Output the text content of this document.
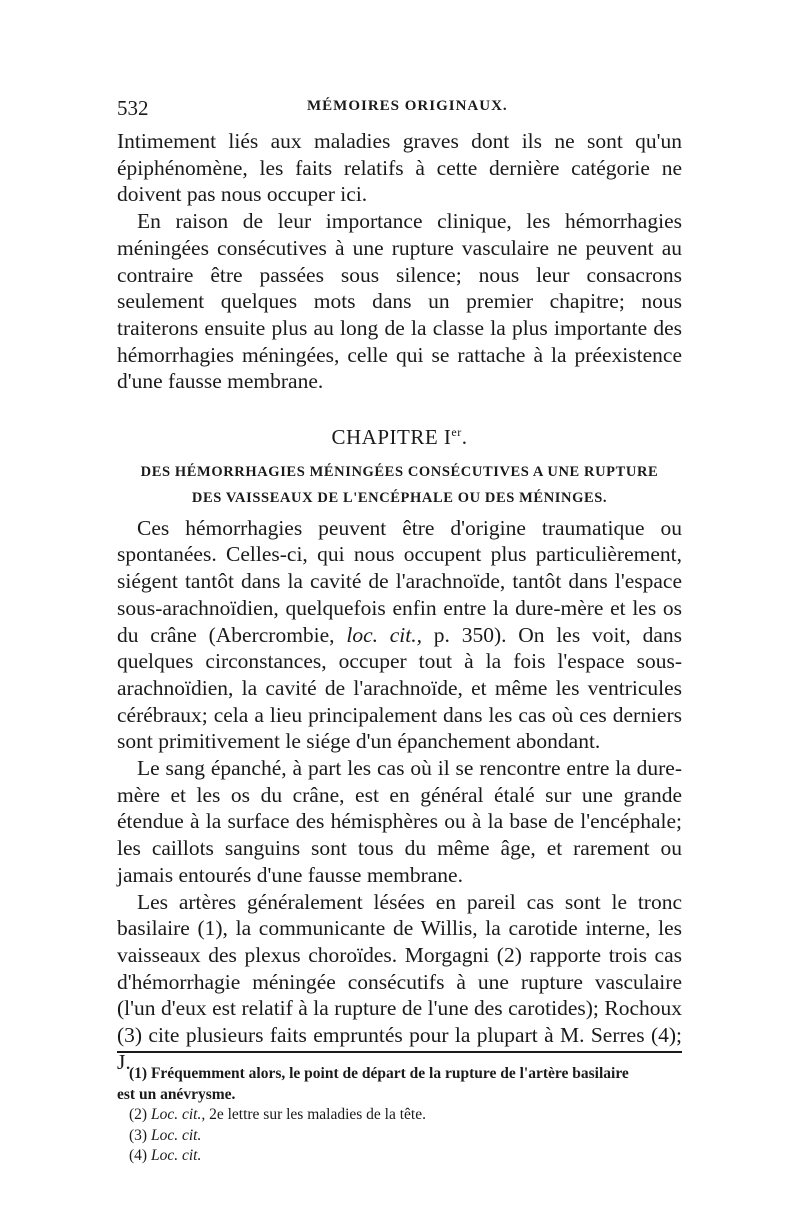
532	MÉMOIRES ORIGINAUX.

Intimement liés aux maladies graves dont ils ne sont qu'un épiphénomène, les faits relatifs à cette dernière catégorie ne doivent pas nous occuper ici.

En raison de leur importance clinique, les hémorrhagies méningées consécutives à une rupture vasculaire ne peuvent au contraire être passées sous silence; nous leur consacrons seulement quelques mots dans un premier chapitre; nous traiterons ensuite plus au long de la classe la plus importante des hémorrhagies méningées, celle qui se rattache à la préexistence d'une fausse membrane.

CHAPITRE Ier.
DES HÉMORRHAGIES MÉNINGÉES CONSÉCUTIVES A UNE RUPTURE
DES VAISSEAUX DE L'ENCÉPHALE OU DES MÉNINGES.

Ces hémorrhagies peuvent être d'origine traumatique ou spontanées. Celles-ci, qui nous occupent plus particulièrement, siégent tantôt dans la cavité de l'arachnoïde, tantôt dans l'espace sous-arachnoïdien, quelquefois enfin entre la dure-mère et les os du crâne (Abercrombie, loc. cit., p. 350). On les voit, dans quelques circonstances, occuper tout à la fois l'espace sous-arachnoïdien, la cavité de l'arachnoïde, et même les ventricules cérébraux; cela a lieu principalement dans les cas où ces derniers sont primitivement le siége d'un épanchement abondant.

Le sang épanché, à part les cas où il se rencontre entre la dure-mère et les os du crâne, est en général étalé sur une grande étendue à la surface des hémisphères ou à la base de l'encéphale; les caillots sanguins sont tous du même âge, et rarement ou jamais entourés d'une fausse membrane.

Les artères généralement lésées en pareil cas sont le tronc basilaire (1), la communicante de Willis, la carotide interne, les vaisseaux des plexus choroïdes. Morgagni (2) rapporte trois cas d'hémorrhagie méningée consécutifs à une rupture vasculaire (l'un d'eux est relatif à la rupture de l'une des carotides); Rochoux (3) cite plusieurs faits empruntés pour la plupart à M. Serres (4); J.

(1) Fréquemment alors, le point de départ de la rupture de l'artère basilaire

est un anévrysme.

(2) Loc. cit., 2e lettre sur les maladies de la tête.

(3) Loc. cit.

(4) Loc. cit.
